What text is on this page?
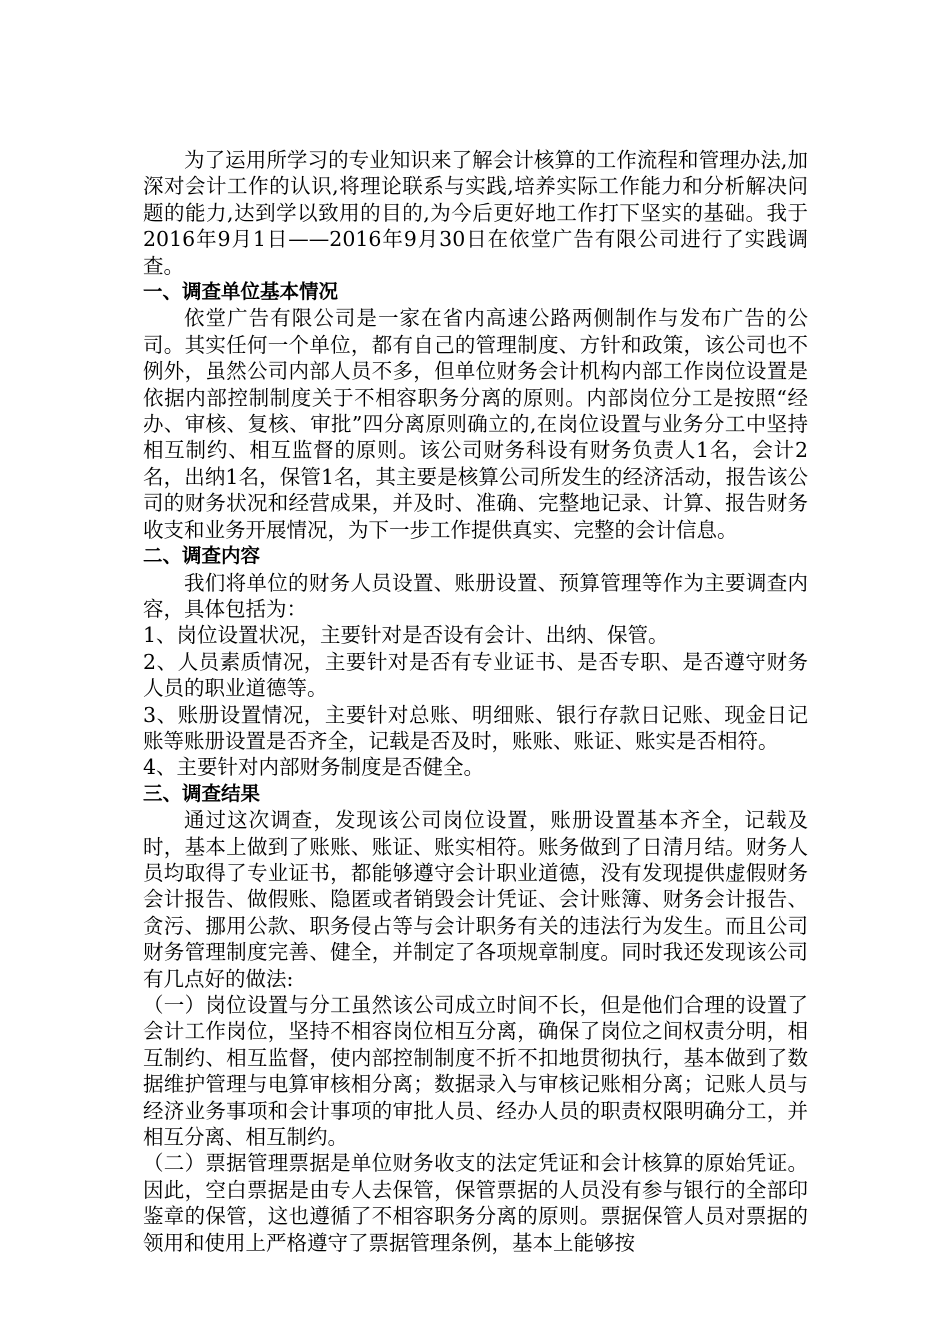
为了运用所学习的专业知识来了解会计核算的工作流程和管理办法,加深对会计工作的认识,将理论联系与实践,培养实际工作能力和分析解决问题的能力,达到学以致用的目的,为今后更好地工作打下坚实的基础。我于2016年9月1日——2016年9月30日在依堂广告有限公司进行了实践调查。

一、调查单位基本情况

依堂广告有限公司是一家在省内高速公路两侧制作与发布广告的公司。其实任何一个单位，都有自己的管理制度、方针和政策，该公司也不例外，虽然公司内部人员不多，但单位财务会计机构内部工作岗位设置是依据内部控制制度关于不相容职务分离的原则。内部岗位分工是按照“经办、审核、复核、审批”四分离原则确立的,在岗位设置与业务分工中坚持相互制约、相互监督的原则。该公司财务科设有财务负责人1名，会计2名，出纳1名，保管1名，其主要是核算公司所发生的经济活动，报告该公司的财务状况和经营成果，并及时、准确、完整地记录、计算、报告财务收支和业务开展情况，为下一步工作提供真实、完整的会计信息。

二、调查内容

我们将单位的财务人员设置、账册设置、预算管理等作为主要调查内容，具体包括为：

1、岗位设置状况，主要针对是否设有会计、出纳、保管。

2、人员素质情况，主要针对是否有专业证书、是否专职、是否遵守财务人员的职业道德等。

3、账册设置情况，主要针对总账、明细账、银行存款日记账、现金日记账等账册设置是否齐全，记载是否及时，账账、账证、账实是否相符。

4、主要针对内部财务制度是否健全。

三、调查结果

通过这次调查，发现该公司岗位设置，账册设置基本齐全，记载及时，基本上做到了账账、账证、账实相符。账务做到了日清月结。财务人员均取得了专业证书，都能够遵守会计职业道德，没有发现提供虚假财务会计报告、做假账、隐匿或者销毁会计凭证、会计账簿、财务会计报告、贪污、挪用公款、职务侵占等与会计职务有关的违法行为发生。而且公司财务管理制度完善、健全，并制定了各项规章制度。同时我还发现该公司有几点好的做法:

（一）岗位设置与分工虽然该公司成立时间不长，但是他们合理的设置了会计工作岗位，坚持不相容岗位相互分离，确保了岗位之间权责分明，相互制约、相互监督，使内部控制制度不折不扣地贯彻执行，基本做到了数据维护管理与电算审核相分离；数据录入与审核记账相分离；记账人员与经济业务事项和会计事项的审批人员、经办人员的职责权限明确分工，并相互分离、相互制约。

（二）票据管理票据是单位财务收支的法定凭证和会计核算的原始凭证。因此，空白票据是由专人去保管，保管票据的人员没有参与银行的全部印鉴章的保管，这也遵循了不相容职务分离的原则。票据保管人员对票据的领用和使用上严格遵守了票据管理条例，基本上能够按
